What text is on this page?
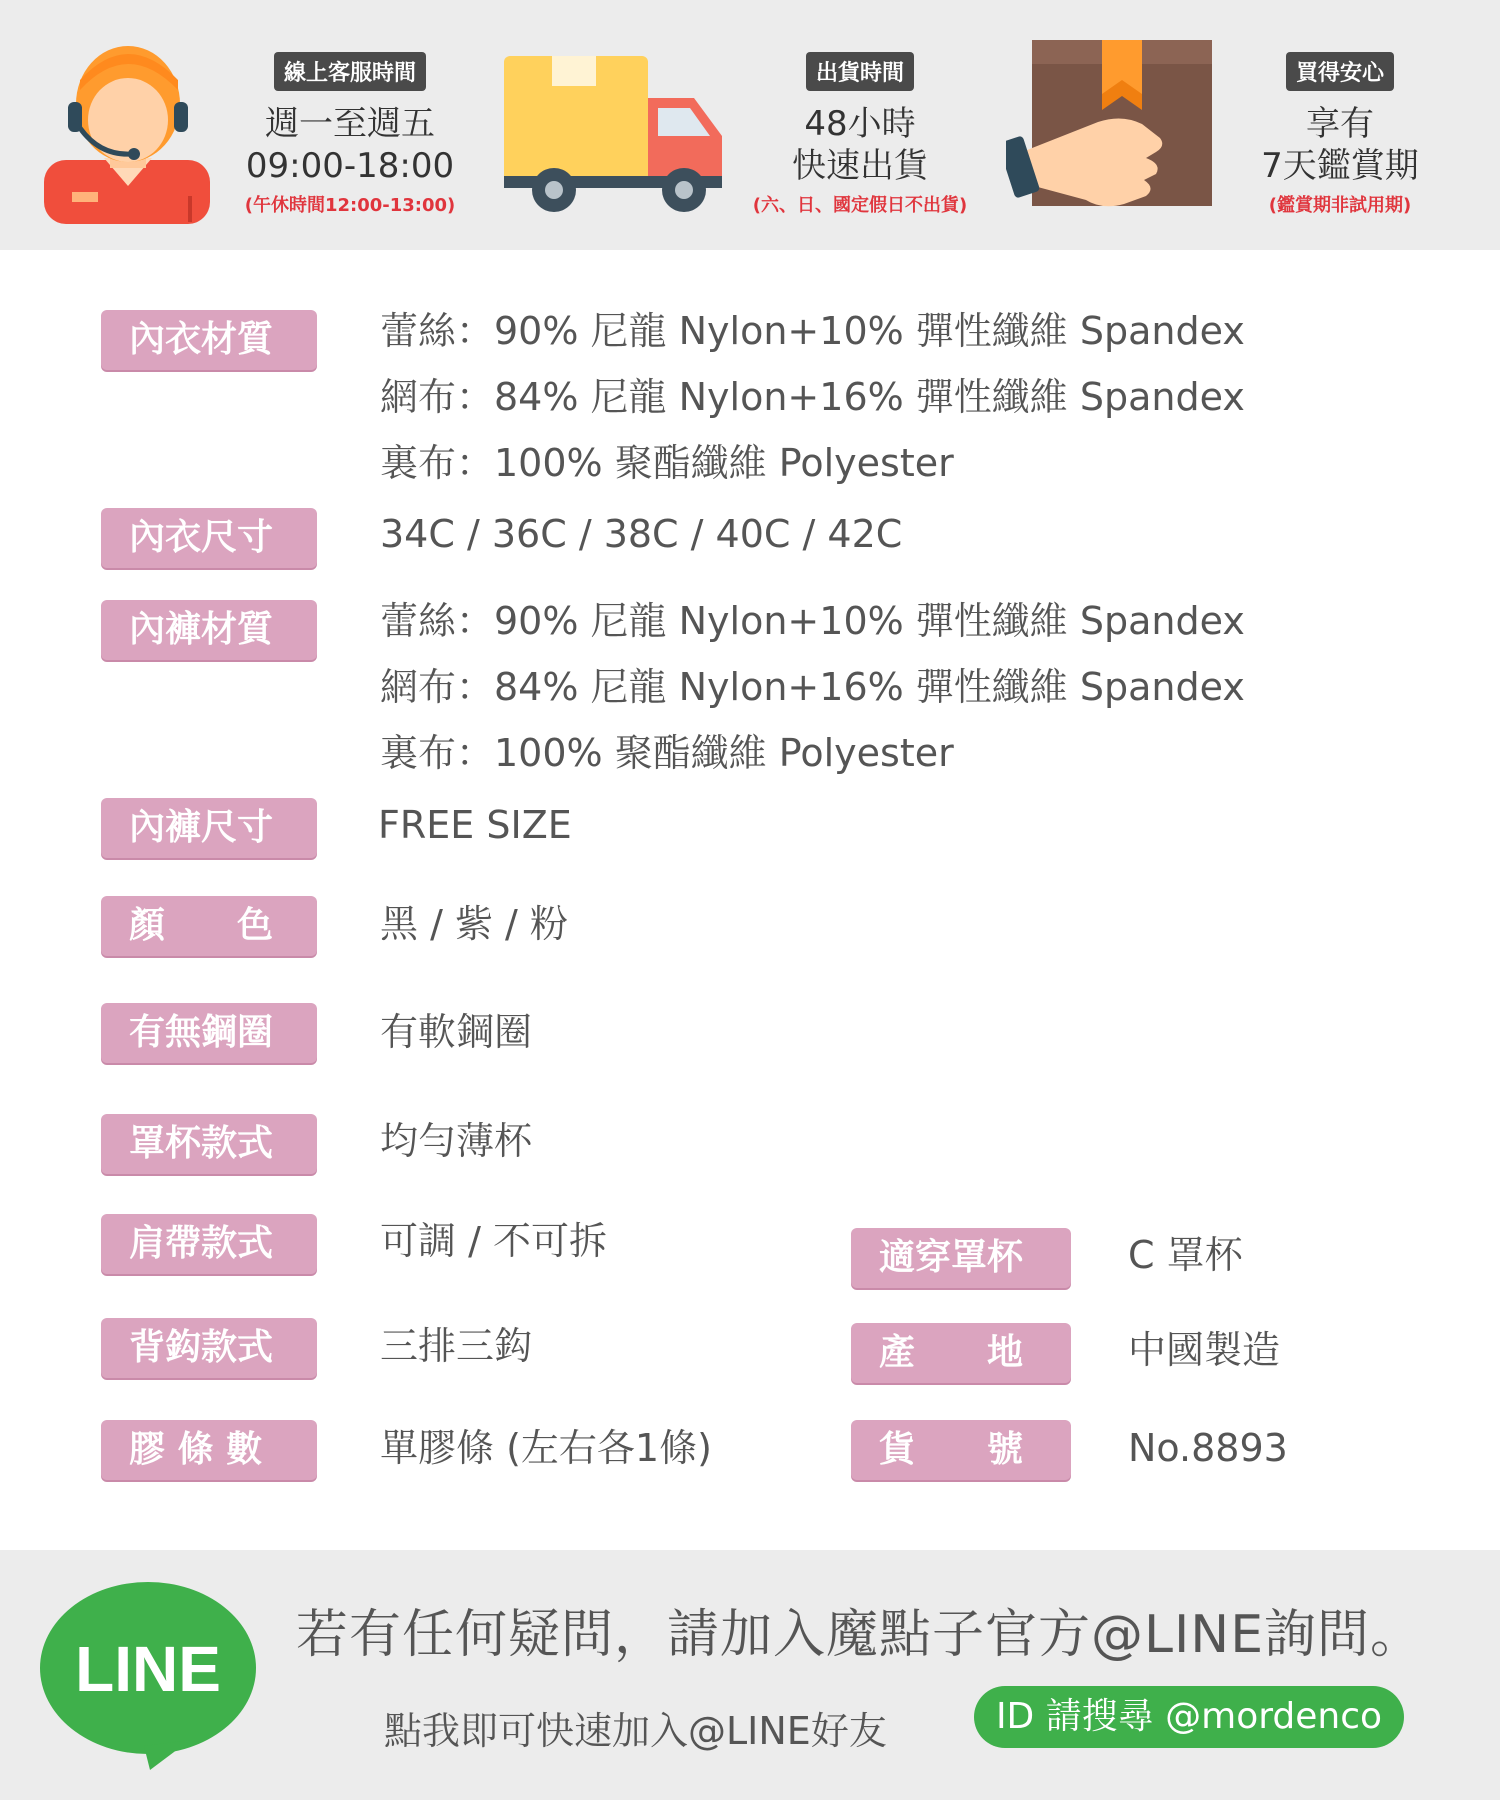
線上客服時間
週一至週五
09:00-18:00
(午休時間12:00-13:00)
出貨時間
48小時
快速出貨
(六、日、國定假日不出貨)
買得安心
享有
7天鑑賞期
(鑑賞期非試用期)
內衣材質	蕾絲：90% 尼龍 Nylon+10% 彈性纖維 Spandex
網布：84% 尼龍 Nylon+16% 彈性纖維 Spandex
裏布：100% 聚酯纖維 Polyester
內衣尺寸	34C / 36C / 38C / 40C / 42C
內褲材質	蕾絲：90% 尼龍 Nylon+10% 彈性纖維 Spandex
網布：84% 尼龍 Nylon+16% 彈性纖維 Spandex
裏布：100% 聚酯纖維 Polyester
內褲尺寸	FREE SIZE
顏　　色	黑 / 紫 / 粉
有無鋼圈	有軟鋼圈
罩杯款式	均勻薄杯
肩帶款式	可調 / 不可拆
背鈎款式	三排三鈎
膠 條 數	單膠條 (左右各1條)
適穿罩杯	C 罩杯
產　　地	中國製造
貨　　號	No.8893
LINE	若有任何疑問，請加入魔點子官方@LINE詢問。
點我即可快速加入@LINE好友	ID 請搜尋 @mordenco
